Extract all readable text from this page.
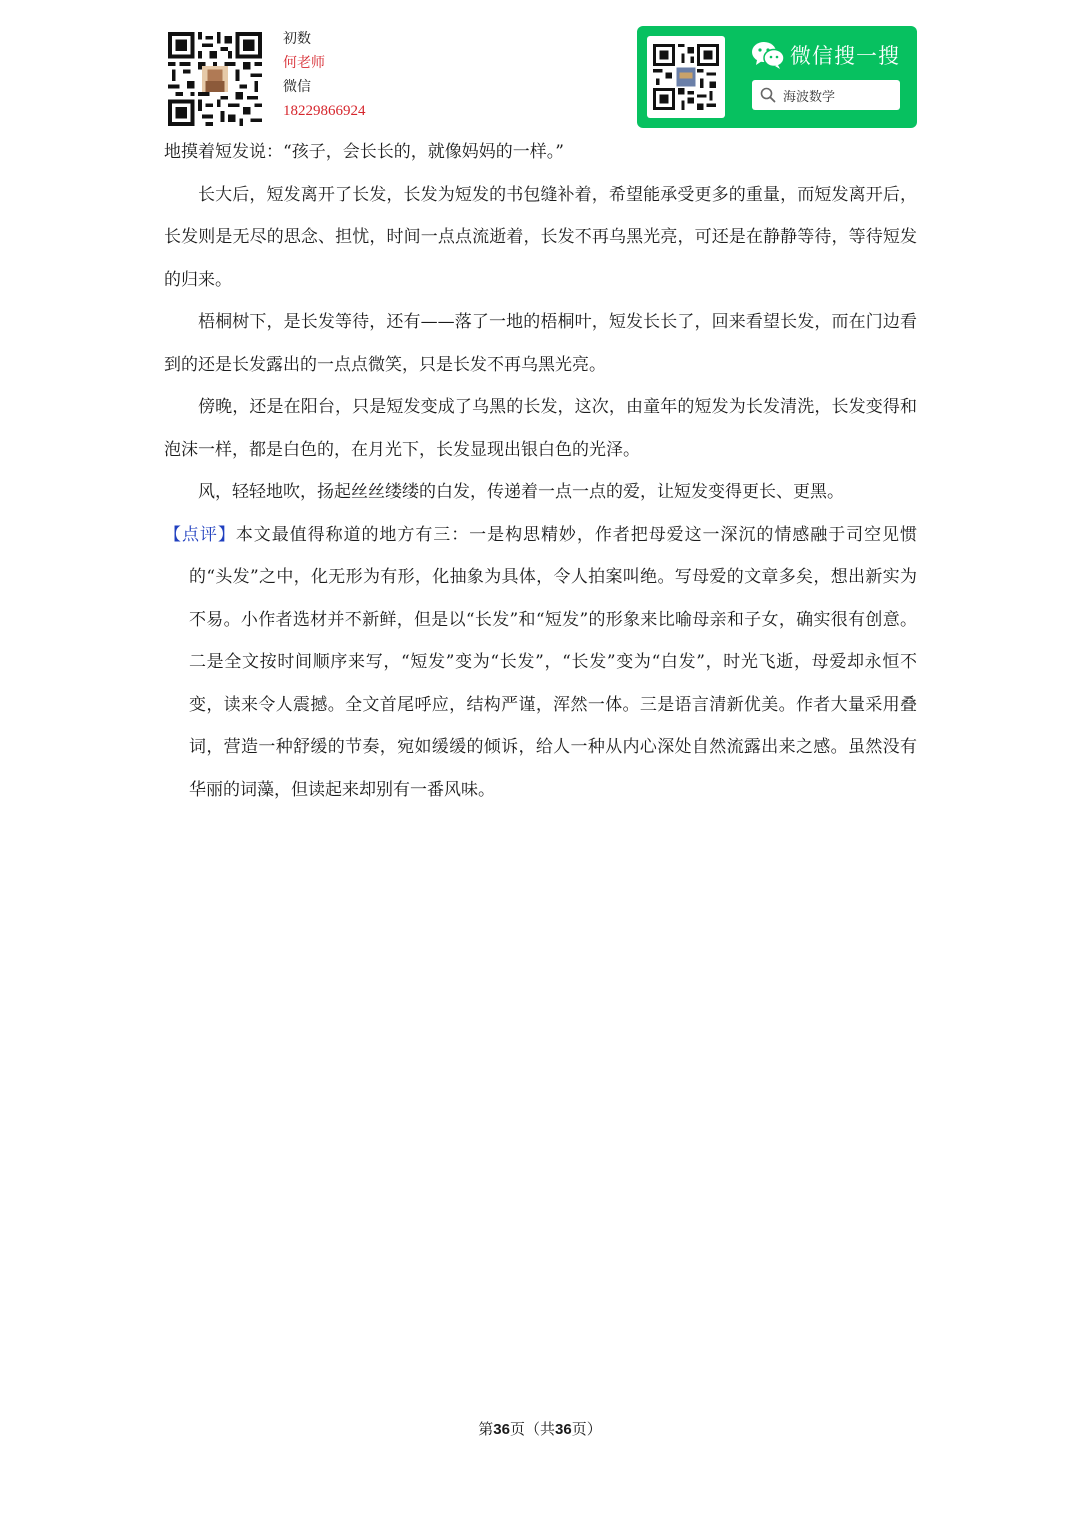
初数
何老师
微信
18229866924
微信搜一搜
海波数学

地摸着短发说：“孩子，会长长的，就像妈妈的一样。”

长大后，短发离开了长发，长发为短发的书包缝补着，希望能承受更多的重量，而短发离开后，长发则是无尽的思念、担忧，时间一点点流逝着，长发不再乌黑光亮，可还是在静静等待，等待短发的归来。

梧桐树下，是长发等待，还有——落了一地的梧桐叶，短发长长了，回来看望长发，而在门边看到的还是长发露出的一点点微笑，只是长发不再乌黑光亮。

傍晚，还是在阳台，只是短发变成了乌黑的长发，这次，由童年的短发为长发清洗，长发变得和泡沫一样，都是白色的，在月光下，长发显现出银白色的光泽。

风，轻轻地吹，扬起丝丝缕缕的白发，传递着一点一点的爱，让短发变得更长、更黑。

【点评】本文最值得称道的地方有三：一是构思精妙，作者把母爱这一深沉的情感融于司空见惯的“头发”之中，化无形为有形，化抽象为具体，令人拍案叫绝。写母爱的文章多矣，想出新实为不易。小作者选材并不新鲜，但是以“长发”和“短发”的形象来比喻母亲和子女，确实很有创意。二是全文按时间顺序来写，“短发”变为“长发”，“长发”变为“白发”，时光飞逝，母爱却永恒不变，读来令人震撼。全文首尾呼应，结构严谨，浑然一体。三是语言清新优美。作者大量采用叠词，营造一种舒缓的节奏，宛如缓缓的倾诉，给人一种从内心深处自然流露出来之感。虽然没有华丽的词藻，但读起来却别有一番风味。

第36页（共36页）
